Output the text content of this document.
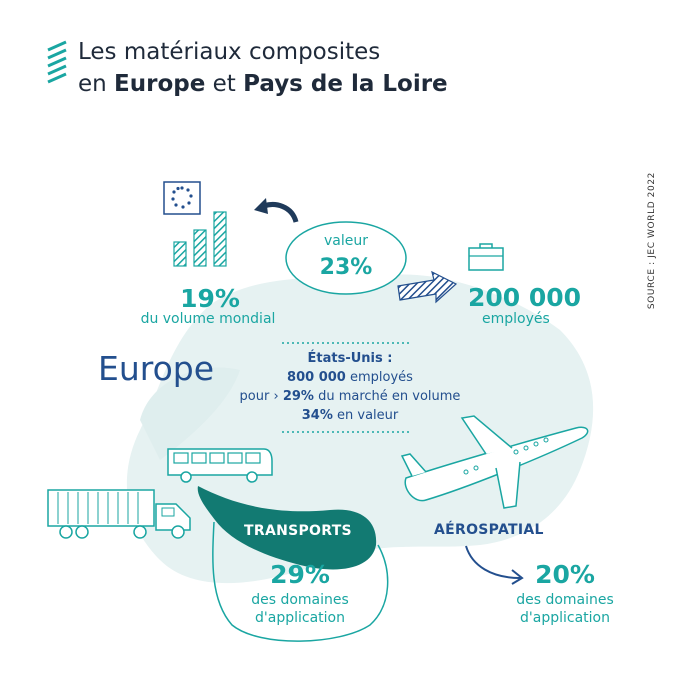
Les matériaux composites
en Europe et Pays de la Loire
SOURCE : JEC WORLD 2022
valeur
23%
19%
du volume mondial
200 000
employés
Europe	États-Unis :
800 000 employés
pour › 29% du marché en volume
34% en valeur
TRANSPORTS
29%
des domaines
d'application
AÉROSPATIAL
20%
des domaines
d'application
